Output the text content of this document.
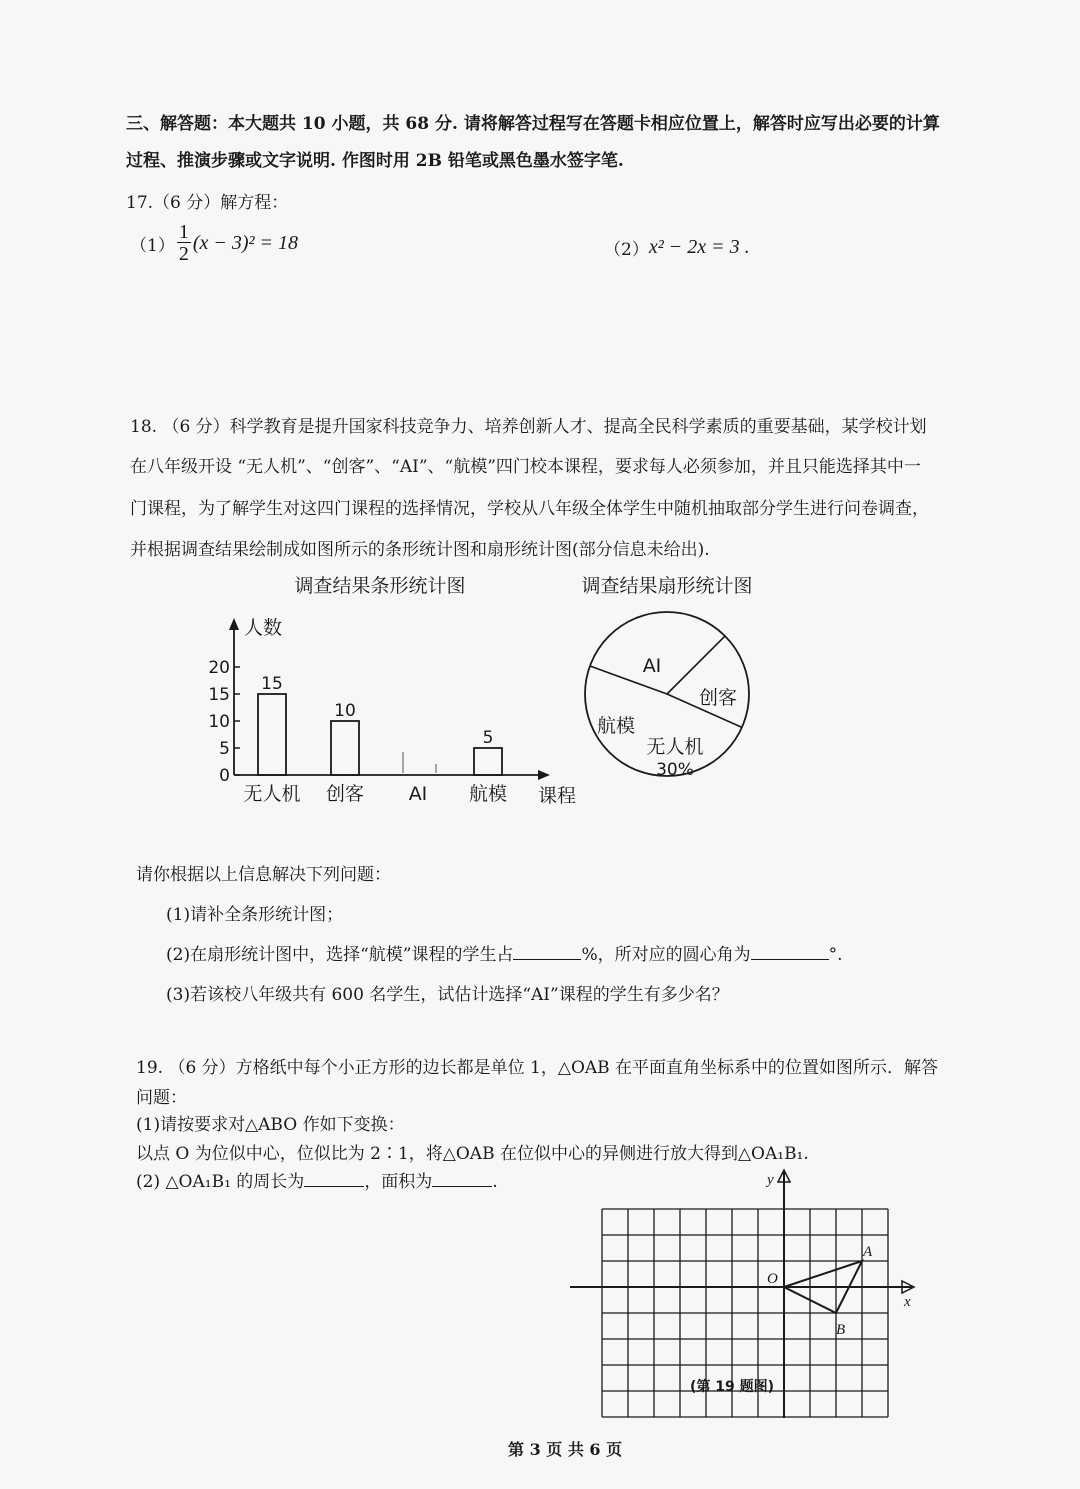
三、解答题：本大题共 10 小题，共 68 分. 请将解答过程写在答题卡相应位置上，解答时应写出必要的计算
过程、推演步骤或文字说明. 作图时用 2B 铅笔或黑色墨水签字笔.
17.（6 分）解方程：
$(1) \frac{1}{2} (x - 3)^2 = 18$	（2） x² − 2x = 3 .
18. （6 分）科学教育是提升国家科技竞争力、培养创新人才、提高全民科学素质的重要基础，某学校计划
在八年级开设 “无人机”、“创客”、“AI”、“航模”四门校本课程，要求每人必须参加，并且只能选择其中一
门课程，为了解学生对这四门课程的选择情况，学校从八年级全体学生中随机抽取部分学生进行问卷调查，
并根据调查结果绘制成如图所示的条形统计图和扇形统计图(部分信息未给出).
调查结果条形统计图
人数
课程
0
5
10
15
20
15
无人机
10
创客 AI
5
航模
调查结果扇形统计图
AI
创客
航模
无人机
30%
请你根据以上信息解决下列问题：
(1)请补全条形统计图；
(2)在扇形统计图中，选择“航模”课程的学生占	%，所对应的圆心角为	°.
(3)若该校八年级共有 600 名学生，试估计选择“AI”课程的学生有多少名？
19. （6 分）方格纸中每个小正方形的边长都是单位 1，△OAB 在平面直角坐标系中的位置如图所示．解答
问题：
(1)请按要求对△ABO 作如下变换：
以点 O 为位似中心，位似比为 2∶1，将△OAB 在位似中心的异侧进行放大得到△OA₁B₁.
(2) △OA₁B₁ 的周长为	，面积为	.	y
x
O
A
B
(第 19 题图)
第 3 页 共 6 页
